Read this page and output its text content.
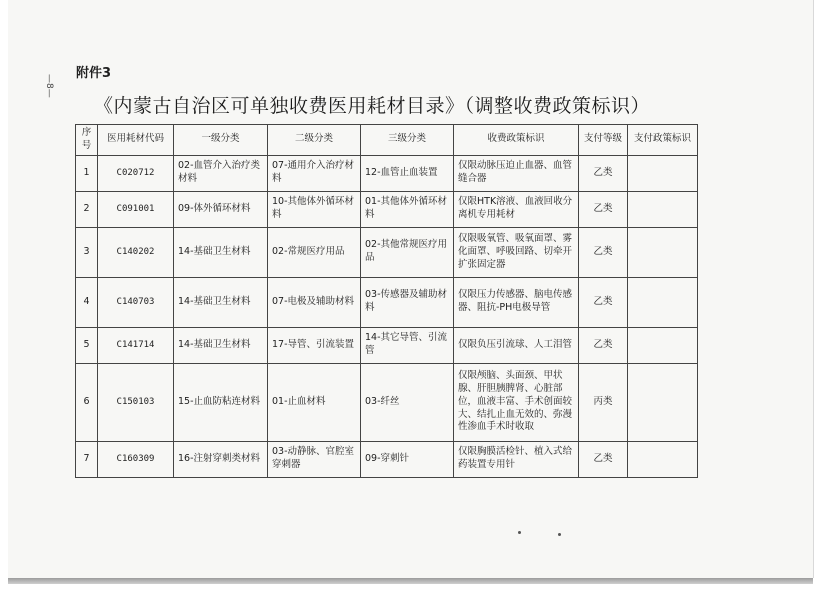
—8—
附件3
《内蒙古自治区可单独收费医用耗材目录》（调整收费政策标识）
序号	医用耗材代码	一级分类	二级分类	三级分类	收费政策标识	支付等级	支付政策标识
1	C020712	02-血管介入治疗类材料	07-通用介入治疗材料	12-血管止血装置	仅限动脉压迫止血器、血管缝合器	乙类	
2	C091001	09-体外循环材料	10-其他体外循环材料	01-其他体外循环材料	仅限HTK溶液、血液回收分离机专用耗材	乙类	
3	C140202	14-基础卫生材料	02-常规医疗用品	02-其他常规医疗用品	仅限吸氧管、吸氧面罩、雾化面罩、呼吸回路、切牵开扩张固定器	乙类	
4	C140703	14-基础卫生材料	07-电极及辅助材料	03-传感器及辅助材料	仅限压力传感器、脑电传感器、阻抗-PH电极导管	乙类	
5	C141714	14-基础卫生材料	17-导管、引流装置	14-其它导管、引流管	仅限负压引流球、人工泪管	乙类	
6	C150103	15-止血防粘连材料	01-止血材料	03-纤丝	仅限颅脑、头面颈、甲状腺、肝胆胰脾肾、心脏部位，血液丰富、手术创面较大、结扎止血无效的、弥漫性渗血手术时收取	丙类	
7	C160309	16-注射穿刺类材料	03-动静脉、官腔室穿刺器	09-穿刺针	仅限胸膜活检针、植入式给药装置专用针	乙类	
